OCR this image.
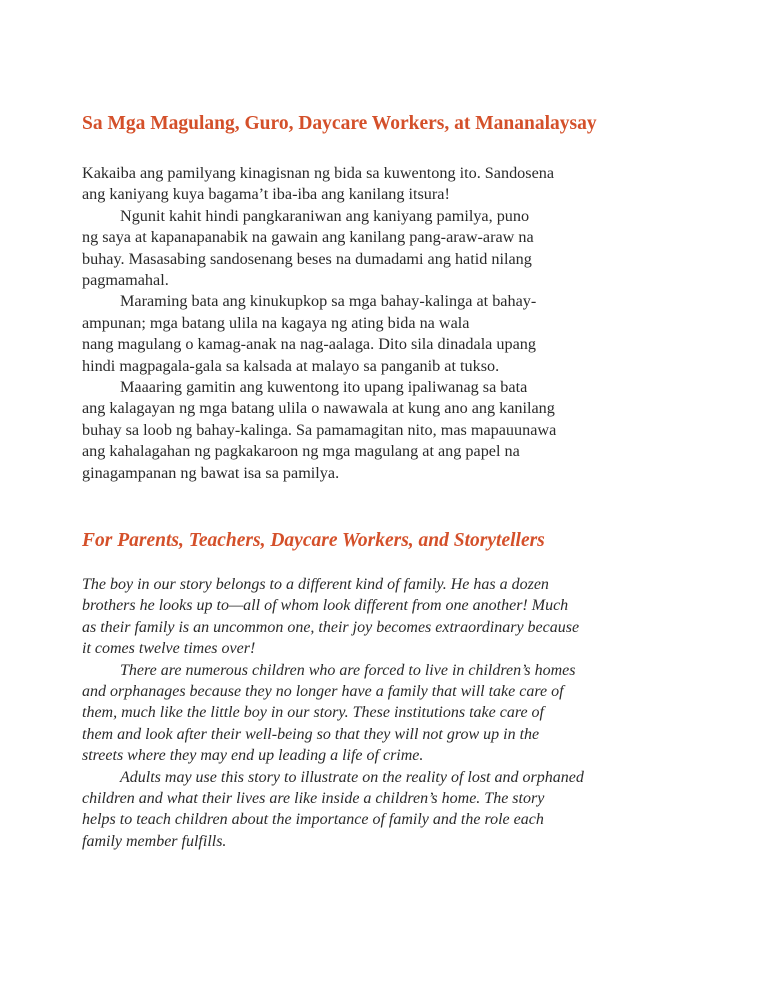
Sa Mga Magulang, Guro, Daycare Workers, at Mananalaysay

Kakaiba ang pamilyang kinagisnan ng bida sa kuwentong ito. Sandosena
ang kaniyang kuya bagama’t iba-iba ang kanilang itsura!

Ngunit kahit hindi pangkaraniwan ang kaniyang pamilya, puno
ng saya at kapanapanabik na gawain ang kanilang pang-araw-araw na
buhay. Masasabing sandosenang beses na dumadami ang hatid nilang
pagmamahal.

Maraming bata ang kinukupkop sa mga bahay-kalinga at bahay-
ampunan; mga batang ulila na kagaya ng ating bida na wala
nang magulang o kamag-anak na nag-aalaga. Dito sila dinadala upang
hindi magpagala-gala sa kalsada at malayo sa panganib at tukso.

Maaaring gamitin ang kuwentong ito upang ipaliwanag sa bata
ang kalagayan ng mga batang ulila o nawawala at kung ano ang kanilang
buhay sa loob ng bahay-kalinga. Sa pamamagitan nito, mas mapauunawa
ang kahalagahan ng pagkakaroon ng mga magulang at ang papel na
ginagampanan ng bawat isa sa pamilya.

For Parents, Teachers, Daycare Workers, and Storytellers

The boy in our story belongs to a different kind of family. He has a dozen
brothers he looks up to—all of whom look different from one another! Much
as their family is an uncommon one, their joy becomes extraordinary because
it comes twelve times over!

There are numerous children who are forced to live in children’s homes
and orphanages because they no longer have a family that will take care of
them, much like the little boy in our story. These institutions take care of
them and look after their well-being so that they will not grow up in the
streets where they may end up leading a life of crime.

Adults may use this story to illustrate on the reality of lost and orphaned
children and what their lives are like inside a children’s home. The story
helps to teach children about the importance of family and the role each
family member fulfills.
